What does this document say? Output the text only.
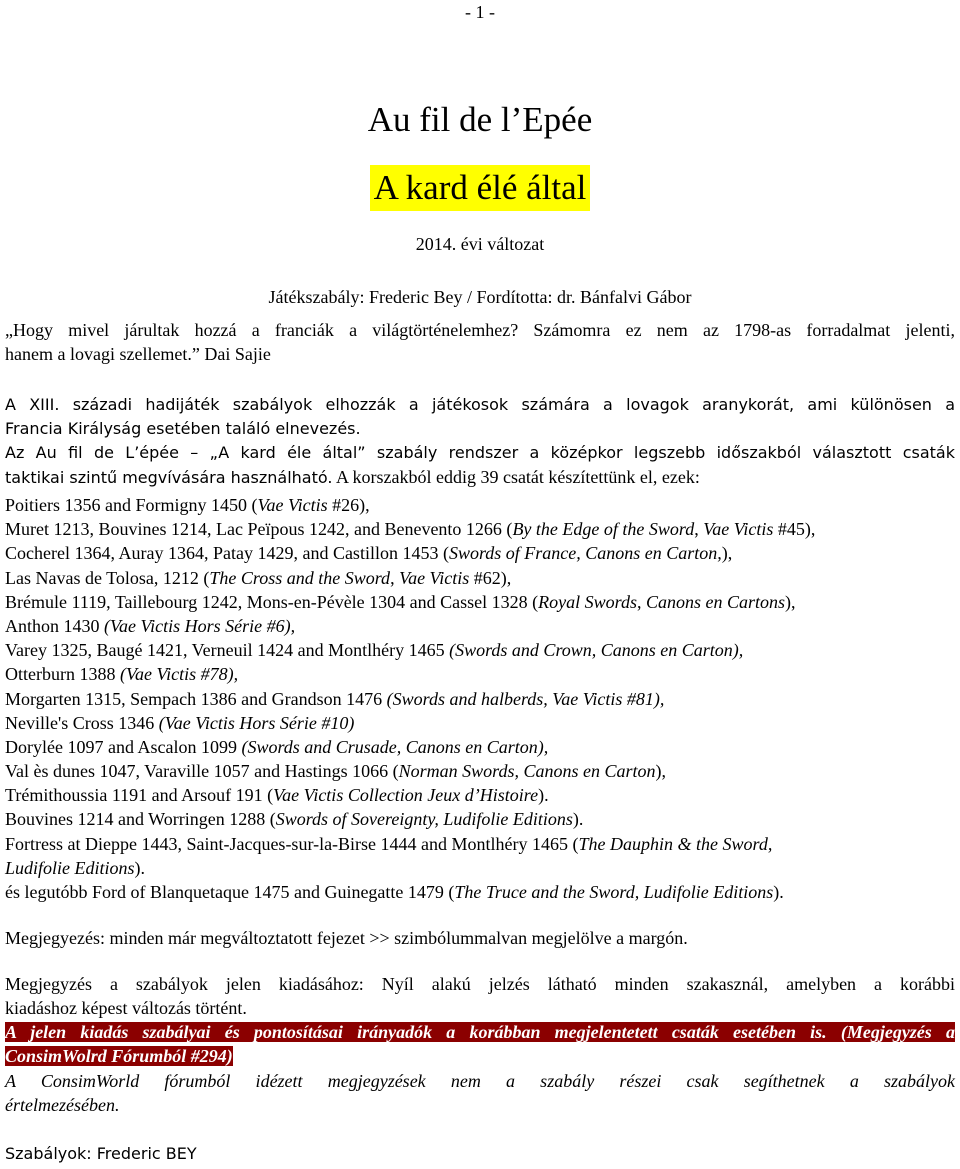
- 1 -
Au fil de l’Epée
A kard élé által
2014. évi változat
Játékszabály: Frederic Bey / Fordította: dr. Bánfalvi Gábor
„Hogy mivel járultak hozzá a franciák a világtörténelemhez? Számomra ez nem az 1798-as forradalmat jelenti,
hanem a lovagi szellemet.” Dai Sajie
A XIII. századi hadijáték szabályok elhozzák a játékosok számára a lovagok aranykorát, ami különösen a
Francia Királyság esetében találó elnevezés.
Az Au fil de L’épée – „A kard éle által” szabály rendszer a középkor legszebb időszakból választott csaták
taktikai szintű megvívására használható. A korszakból eddig 39 csatát készítettünk el, ezek:
Poitiers 1356 and Formigny 1450 (Vae Victis #26),
Muret 1213, Bouvines 1214, Lac Peïpous 1242, and Benevento 1266 (By the Edge of the Sword, Vae Victis #45),
Cocherel 1364, Auray 1364, Patay 1429, and Castillon 1453 (Swords of France, Canons en Carton,),
Las Navas de Tolosa, 1212 (The Cross and the Sword, Vae Victis #62),
Brémule 1119, Taillebourg 1242, Mons-en-Pévèle 1304 and Cassel 1328 (Royal Swords, Canons en Cartons),
Anthon 1430 (Vae Victis Hors Série #6),
Varey 1325, Baugé 1421, Verneuil 1424 and Montlhéry 1465 (Swords and Crown, Canons en Carton),
Otterburn 1388 (Vae Victis #78),
Morgarten 1315, Sempach 1386 and Grandson 1476 (Swords and halberds, Vae Victis #81),
Neville's Cross 1346 (Vae Victis Hors Série #10)
Dorylée 1097 and Ascalon 1099 (Swords and Crusade, Canons en Carton),
Val ès dunes 1047, Varaville 1057 and Hastings 1066 (Norman Swords, Canons en Carton),
Trémithoussia 1191 and Arsouf 191 (Vae Victis Collection Jeux d’Histoire).
Bouvines 1214 and Worringen 1288 (Swords of Sovereignty, Ludifolie Editions).
Fortress at Dieppe 1443, Saint-Jacques-sur-la-Birse 1444 and Montlhéry 1465 (The Dauphin & the Sword,
Ludifolie Editions).
és legutóbb Ford of Blanquetaque 1475 and Guinegatte 1479 (The Truce and the Sword, Ludifolie Editions).
Megjegyezés: minden már megváltoztatott fejezet >> szimbólummalvan megjelölve a margón.
Megjegyzés a szabályok jelen kiadásához: Nyíl alakú jelzés látható minden szakasznál, amelyben a korábbi
kiadáshoz képest változás történt.
A jelen kiadás szabályai és pontosításai irányadók a korábban megjelentetett csaták esetében is. (Megjegyzés a
ConsimWolrd Fórumból #294)
A ConsimWorld fórumból idézett megjegyzések nem a szabály részei csak segíthetnek a szabályok
értelmezésében.
Szabályok: Frederic BEY
